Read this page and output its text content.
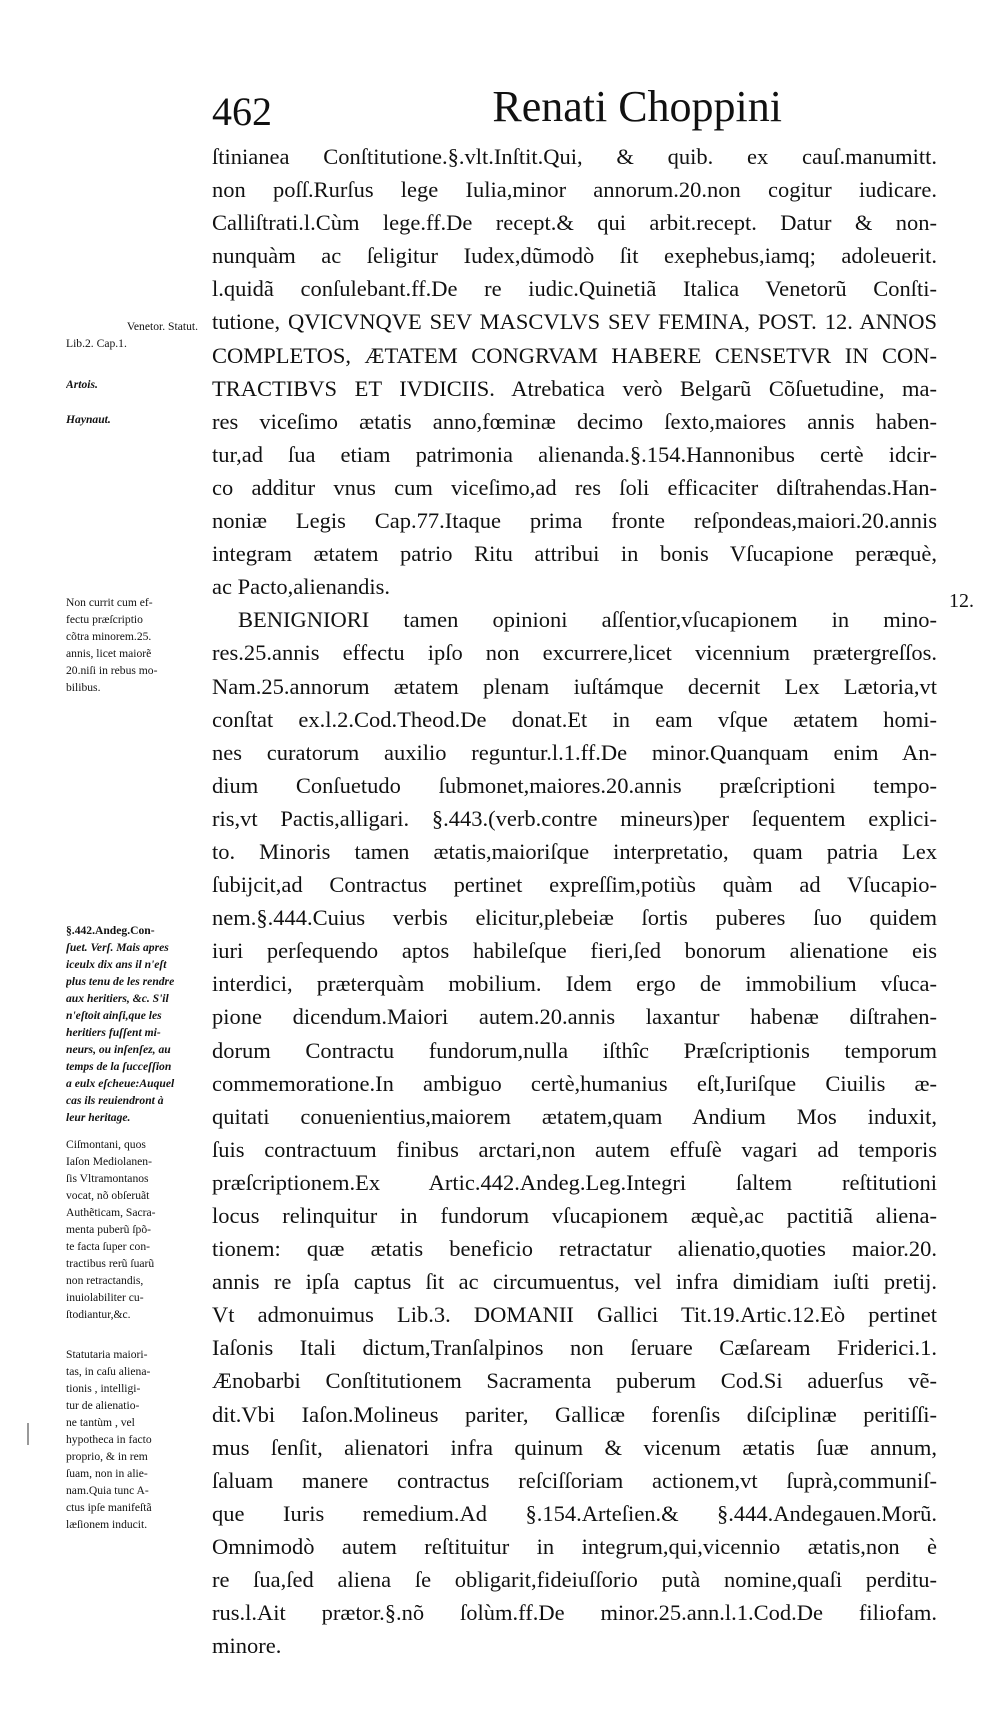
462	Renati Choppini
ſtinianea Conſtitutione.§.vlt.Inſtit.Qui, & quib. ex cauſ.manumitt.
non poſſ.Rurſus lege Iulia,minor annorum.20.non cogitur iudicare.
Calliſtrati.l.Cùm lege.ff.De recept.& qui arbit.recept. Datur & non-
nunquàm ac ſeligitur Iudex,dũmodò ſit exephebus,iamq; adoleuerit.
l.quidã conſulebant.ff.De re iudic.Quinetiã Italica Venetorũ Conſti-
tutione, QVICVNQVE SEV MASCVLVS SEV FEMINA, POST. 12. ANNOS
COMPLETOS, ÆTATEM CONGRVAM HABERE CENSETVR IN CON-
TRACTIBVS ET IVDICIIS. Atrebatica verò Belgarũ Cõſuetudine, ma-
res viceſimo ætatis anno,fœminæ decimo ſexto,maiores annis haben-
tur,ad ſua etiam patrimonia alienanda.§.154.Hannonibus certè idcir-
co additur vnus cum viceſimo,ad res ſoli efficaciter diſtrahendas.Han-
noniæ Legis Cap.77.Itaque prima fronte reſpondeas,maiori.20.annis
integram ætatem patrio Ritu attribui in bonis Vſucapione peræquè,
ac Pacto,alienandis.
BENIGNIORI tamen opinioni aſſentior,vſucapionem in mino-
res.25.annis effectu ipſo non excurrere,licet vicennium prætergreſſos.
Nam.25.annorum ætatem plenam iuſtámque decernit Lex Lætoria,vt
conſtat ex.l.2.Cod.Theod.De donat.Et in eam vſque ætatem homi-
nes curatorum auxilio reguntur.l.1.ff.De minor.Quanquam enim An-
dium Conſuetudo ſubmonet,maiores.20.annis præſcriptioni tempo-
ris,vt Pactis,alligari. §.443.(verb.contre mineurs)per ſequentem explici-
to. Minoris tamen ætatis,maioriſque interpretatio, quam patria Lex
ſubijcit,ad Contractus pertinet expreſſim,potiùs quàm ad Vſucapio-
nem.§.444.Cuius verbis elicitur,plebeiæ ſortis puberes ſuo quidem
iuri perſequendo aptos habileſque fieri,ſed bonorum alienatione eis
interdici, præterquàm mobilium. Idem ergo de immobilium vſuca-
pione dicendum.Maiori autem.20.annis laxantur habenæ diſtrahen-
dorum Contractu fundorum,nulla iſthîc Præſcriptionis temporum
commemoratione.In ambiguo certè,humanius eſt,Iuriſque Ciuilis æ-
quitati conuenientius,maiorem ætatem,quam Andium Mos induxit,
ſuis contractuum finibus arctari,non autem effuſè vagari ad temporis
præſcriptionem.Ex Artic.442.Andeg.Leg.Integri ſaltem reſtitutioni
locus relinquitur in fundorum vſucapionem æquè,ac pactitiã aliena-
tionem: quæ ætatis beneficio retractatur alienatio,quoties maior.20.
annis re ipſa captus ſit ac circumuentus, vel infra dimidiam iuſti pretij.
Vt admonuimus Lib.3. DOMANII Gallici Tit.19.Artic.12.Eò pertinet
Iaſonis Itali dictum,Tranſalpinos non ſeruare Cæſaream Friderici.1.
Ænobarbi Conſtitutionem Sacramenta puberum Cod.Si aduerſus vẽ-
dit.Vbi Iaſon.Molineus pariter, Gallicæ forenſis diſciplinæ peritiſſi-
mus ſenſit, alienatori infra quinum & vicenum ætatis ſuæ annum,
ſaluam manere contractus reſciſſoriam actionem,vt ſuprà,communiſ-
que Iuris remedium.Ad §.154.Arteſien.& §.444.Andegauen.Morũ.
Omnimodò autem reſtituitur in integrum,qui,vicennio ætatis,non è
re ſua,ſed aliena ſe obligarit,fideiuſſorio putà nomine,quaſi perditu-
rus.l.Ait prætor.§.nõ ſolùm.ff.De minor.25.ann.l.1.Cod.De filiofam.
minore.
12.
Venetor. Statut.
Lib.2. Cap.1.
Artois.
Haynaut.
Non currit cum ef-
fectu præſcriptio
cõtra minorem.25.
annis, licet maiorẽ
20.niſi in rebus mo-
bilibus.
§.442.Andeg.Con-
ſuet. Verſ. Mais apres
iceulx dix ans il n'eſt
plus tenu de les rendre
aux heritiers, &c. S'il
n'eſtoit ainſi,que les
heritiers fuſſent mi-
neurs, ou inſenſez, au
temps de la ſucceſſion
a eulx eſcheue:Auquel
cas ils reuiendront à
leur heritage.
Ciſmontani, quos
Iaſon Mediolanen-
ſis Vltramontanos
vocat, nõ obſeruãt
Authẽticam, Sacra-
menta puberũ ſpõ-
te facta ſuper con-
tractibus rerũ ſuarũ
non retractandis,
inuiolabiliter cu-
ſtodiantur,&c.
Statutaria maiori-
tas, in caſu aliena-
tionis , intelligi-
tur de alienatio-
ne tantùm , vel
hypotheca in facto
proprio, & in rem
ſuam, non in alie-
nam.Quia tunc A-
ctus ipſe manifeſtã
læſionem inducit.
